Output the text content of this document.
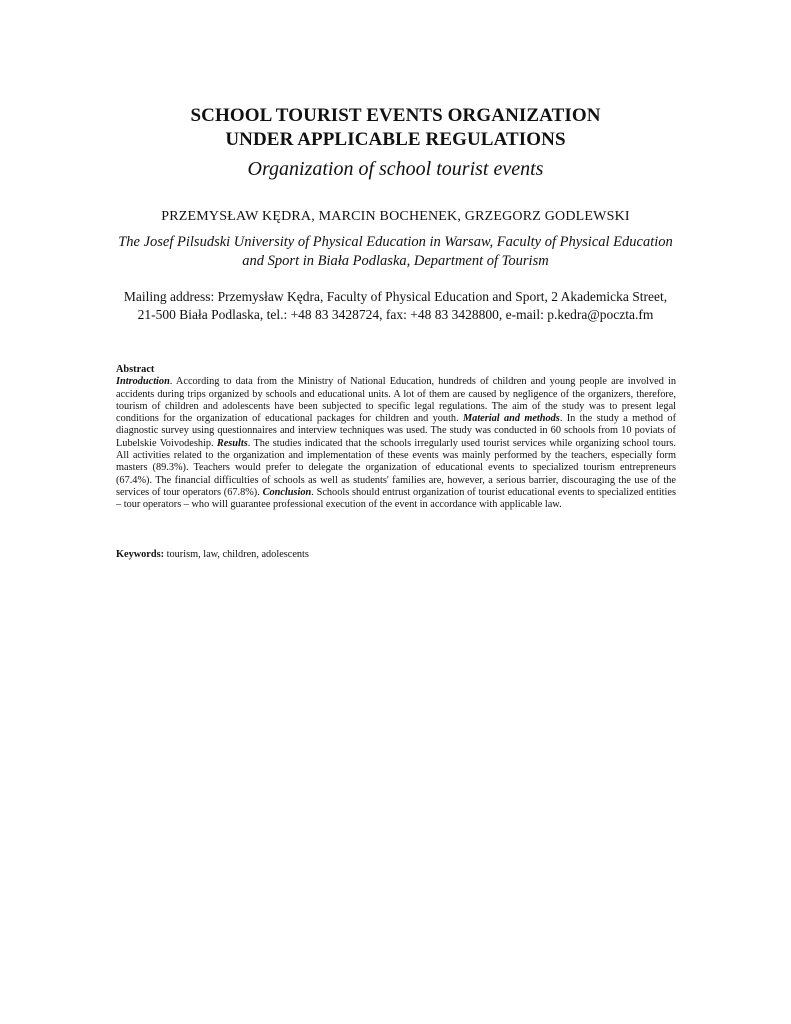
SCHOOL TOURIST EVENTS ORGANIZATION
UNDER APPLICABLE REGULATIONS
Organization of school tourist events
PRZEMYSŁAW KĘDRA, MARCIN BOCHENEK, GRZEGORZ GODLEWSKI
The Josef Pilsudski University of Physical Education in Warsaw, Faculty of Physical Education
and Sport in Biała Podlaska, Department of Tourism
Mailing address: Przemysław Kędra, Faculty of Physical Education and Sport, 2 Akademicka Street,
21-500 Biała Podlaska, tel.: +48 83 3428724, fax: +48 83 3428800, e-mail: p.kedra@poczta.fm
Abstract
Introduction. According to data from the Ministry of National Education, hundreds of children and young people are involved in accidents during trips organized by schools and educational units. A lot of them are caused by negligence of the organizers, therefore, tourism of children and adolescents have been subjected to specific legal regulations. The aim of the study was to present legal conditions for the organization of educational packages for children and youth. Material and methods. In the study a method of diagnostic survey using questionnaires and interview techniques was used. The study was conducted in 60 schools from 10 poviats of Lubelskie Voivodeship. Results. The studies indicated that the schools irregularly used tourist services while organizing school tours. All activities related to the organization and implementation of these events was mainly performed by the teachers, especially form masters (89.3%). Teachers would prefer to delegate the organization of educational events to specialized tourism entrepreneurs (67.4%). The financial difficulties of schools as well as students' families are, however, a serious barrier, discouraging the use of the services of tour operators (67.8%). Conclusion. Schools should entrust organization of tourist educational events to specialized entities – tour operators – who will guarantee professional execution of the event in accordance with applicable law.
Keywords: tourism, law, children, adolescents
